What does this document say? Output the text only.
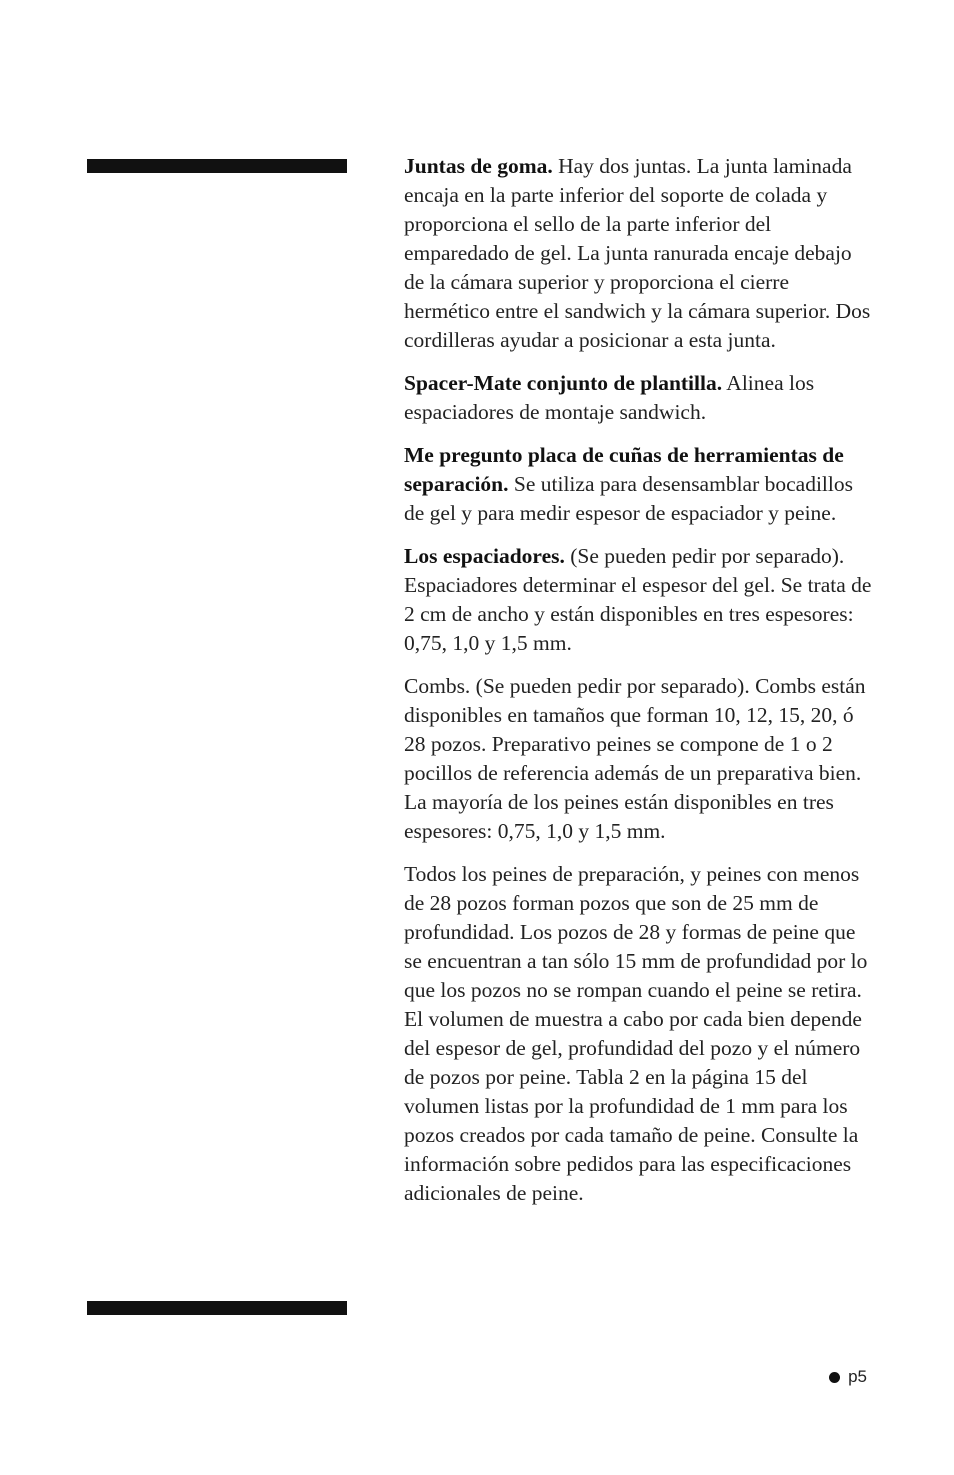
Juntas de goma. Hay dos juntas. La junta laminada encaja en la parte inferior del soporte de colada y proporciona el sello de la parte inferior del emparedado de gel. La junta ranurada encaje debajo de la cámara superior y proporciona el cierre hermético entre el sandwich y la cámara superior. Dos cordilleras ayudar a posicionar a esta junta.

Spacer-Mate conjunto de plantilla. Alinea los espaciadores de montaje sandwich.

Me pregunto placa de cuñas de herramientas de separación. Se utiliza para desensamblar bocadillos de gel y para medir espesor de espaciador y peine.

Los espaciadores. (Se pueden pedir por separado). Espaciadores determinar el espesor del gel. Se trata de 2 cm de ancho y están disponibles en tres espesores: 0,75, 1,0 y 1,5 mm.

Combs. (Se pueden pedir por separado). Combs están disponibles en tamaños que forman 10, 12, 15, 20, ó 28 pozos. Preparativo peines se compone de 1 o 2 pocillos de referencia además de un preparativa bien. La mayoría de los peines están disponibles en tres espesores: 0,75, 1,0 y 1,5 mm.

Todos los peines de preparación, y peines con menos de 28 pozos forman pozos que son de 25 mm de profundidad. Los pozos de 28 y formas de peine que se encuentran a tan sólo 15 mm de profundidad por lo que los pozos no se rompan cuando el peine se retira. El volumen de muestra a cabo por cada bien depende del espesor de gel, profundidad del pozo y el número de pozos por peine. Tabla 2 en la página 15 del volumen listas por la profundidad de 1 mm para los pozos creados por cada tamaño de peine. Consulte la información sobre pedidos para las especificaciones adicionales de peine.

p5
